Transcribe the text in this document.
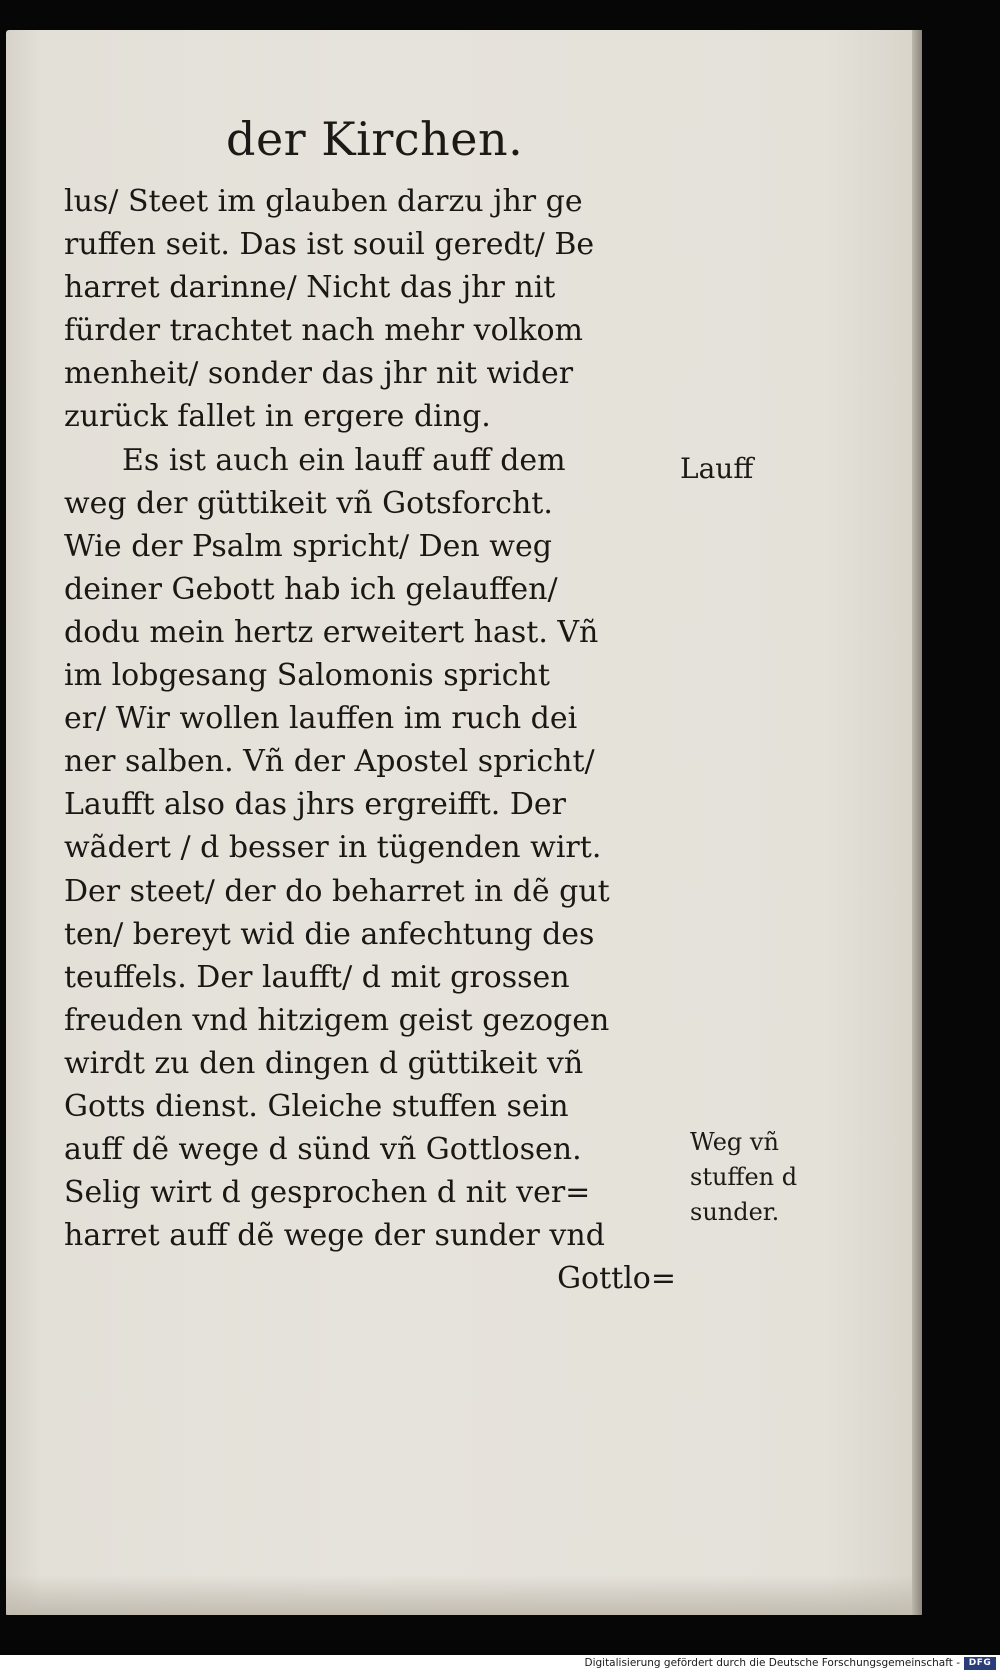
der Kirchen.
lus/ Steet im glauben darzu jhr ge
ruffen seit. Das ist souil geredt/ Be
harret darinne/ Nicht das jhr nit
fürder trachtet nach mehr volkom
menheit/ sonder das jhr nit wider
zurück fallet in ergere ding.
Es ist auch ein lauff auff dem
weg der güttikeit vñ Gotsforcht.
Wie der Psalm spricht/ Den weg
deiner Gebott hab ich gelauffen/
dodu mein hertz erweitert hast. Vñ
im lobgesang Salomonis spricht
er/ Wir wollen lauffen im ruch dei
ner salben. Vñ der Apostel spricht/
Laufft also das jhrs ergreifft. Der
wãdert / d besser in tügenden wirt.
Der steet/ der do beharret in dẽ gut
ten/ bereyt wid die anfechtung des
teuffels. Der laufft/ d mit grossen
freuden vnd hitzigem geist gezogen
wirdt zu den dingen d güttikeit vñ
Gotts dienst. Gleiche stuffen sein
auff dẽ wege d sünd vñ Gottlosen.
Selig wirt d gesprochen d nit ver=
harret auff dẽ wege der sunder vnd
Gottlo=
Lauff
Weg vñ
stuffen d
sunder.
Digitalisierung gefördert durch die Deutsche Forschungsgemeinschaft - DFG
